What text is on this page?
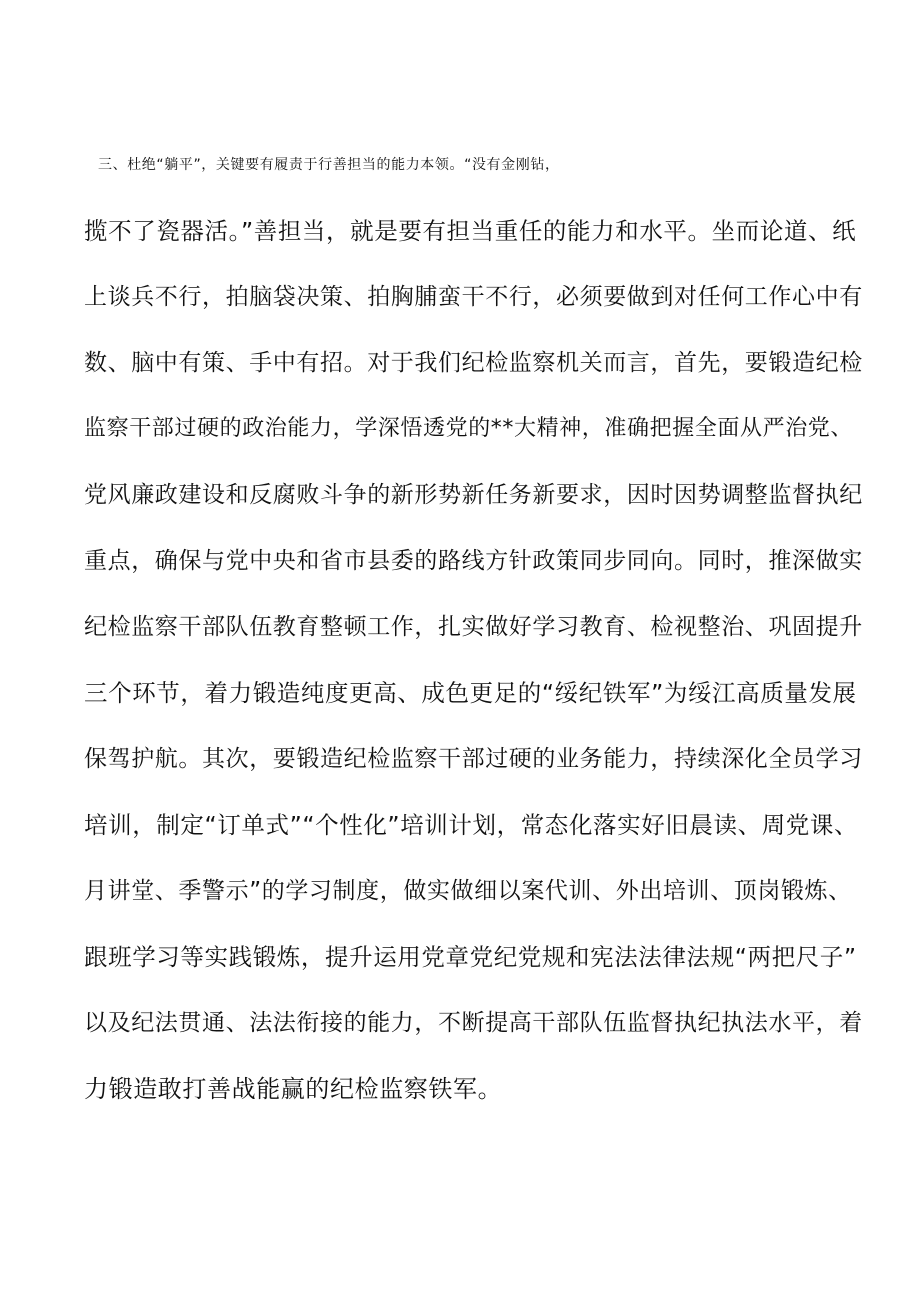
三、杜绝“躺平”，关键要有履责于行善担当的能力本领。“没有金刚钻，
揽不了瓷器活。”善担当，就是要有担当重任的能力和水平。坐而论道、纸
上谈兵不行，拍脑袋决策、拍胸脯蛮干不行，必须要做到对任何工作心中有
数、脑中有策、手中有招。对于我们纪检监察机关而言，首先，要锻造纪检
监察干部过硬的政治能力，学深悟透党的**大精神，准确把握全面从严治党、
党风廉政建设和反腐败斗争的新形势新任务新要求，因时因势调整监督执纪
重点，确保与党中央和省市县委的路线方针政策同步同向。同时，推深做实
纪检监察干部队伍教育整顿工作，扎实做好学习教育、检视整治、巩固提升
三个环节，着力锻造纯度更高、成色更足的“绥纪铁军”为绥江高质量发展
保驾护航。其次，要锻造纪检监察干部过硬的业务能力，持续深化全员学习
培训，制定“订单式”“个性化”培训计划，常态化落实好旧晨读、周党课、
月讲堂、季警示”的学习制度，做实做细以案代训、外出培训、顶岗锻炼、
跟班学习等实践锻炼，提升运用党章党纪党规和宪法法律法规“两把尺子”
以及纪法贯通、法法衔接的能力，不断提高干部队伍监督执纪执法水平，着
力锻造敢打善战能赢的纪检监察铁军。
